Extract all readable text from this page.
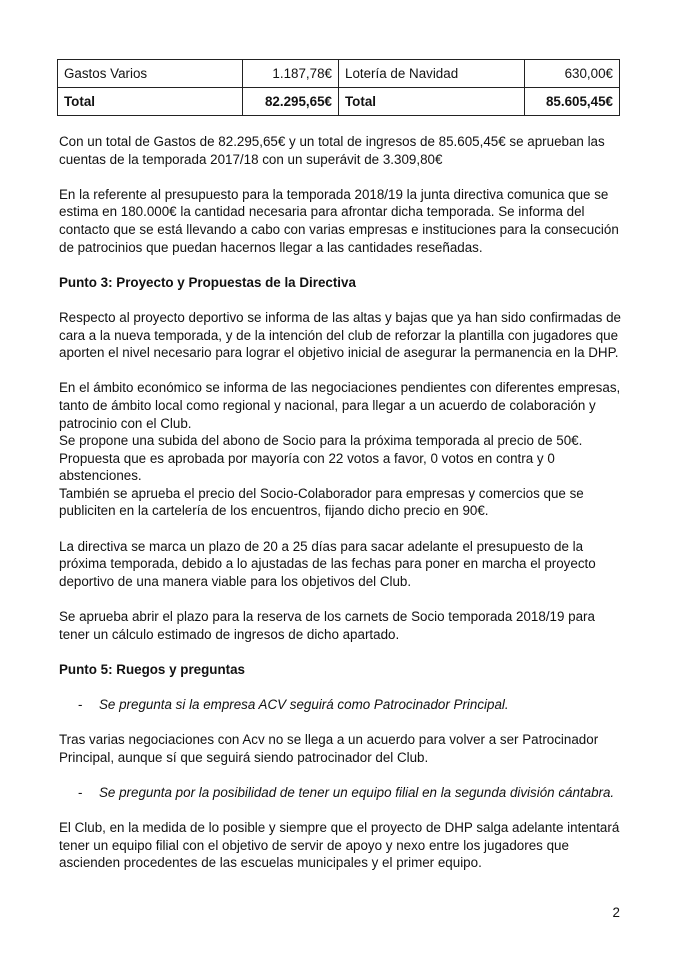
Gastos Varios	1.187,78€	Lotería de Navidad	630,00€
Total	82.295,65€	Total	85.605,45€

Con un total de Gastos de 82.295,65€ y un total de ingresos de 85.605,45€ se aprueban las cuentas de la temporada 2017/18 con un superávit de 3.309,80€

En la referente al presupuesto para la temporada 2018/19 la junta directiva comunica que se estima en 180.000€ la cantidad necesaria para afrontar dicha temporada. Se informa del contacto que se está llevando a cabo con varias empresas e instituciones para la consecución de patrocinios que puedan hacernos llegar a las cantidades reseñadas.

Punto 3: Proyecto y Propuestas de la Directiva

Respecto al proyecto deportivo se informa de las altas y bajas que ya han sido confirmadas de cara a la nueva temporada, y de la intención del club de reforzar la plantilla con jugadores que aporten el nivel necesario para lograr el objetivo inicial de asegurar la permanencia en la DHP.

En el ámbito económico se informa de las negociaciones pendientes con diferentes empresas, tanto de ámbito local como regional y nacional, para llegar a un acuerdo de colaboración y patrocinio con el Club.

Se propone una subida del abono de Socio para la próxima temporada al precio de 50€.

Propuesta que es aprobada por mayoría con 22 votos a favor, 0 votos en contra y 0 abstenciones.

También se aprueba el precio del Socio-Colaborador para empresas y comercios que se publiciten en la cartelería de los encuentros, fijando dicho precio en 90€.

La directiva se marca un plazo de 20 a 25 días para sacar adelante el presupuesto de la próxima temporada, debido a lo ajustadas de las fechas para poner en marcha el proyecto deportivo de una manera viable para los objetivos del Club.

Se aprueba abrir el plazo para la reserva de los carnets de Socio temporada 2018/19 para tener un cálculo estimado de ingresos de dicho apartado.

Punto 5: Ruegos y preguntas

- Se pregunta si la empresa ACV seguirá como Patrocinador Principal.

Tras varias negociaciones con Acv no se llega a un acuerdo para volver a ser Patrocinador Principal, aunque sí que seguirá siendo patrocinador del Club.

- Se pregunta por la posibilidad de tener un equipo filial en la segunda división cántabra.

El Club, en la medida de lo posible y siempre que el proyecto de DHP salga adelante intentará tener un equipo filial con el objetivo de servir de apoyo y nexo entre los jugadores que ascienden procedentes de las escuelas municipales y el primer equipo.

2
